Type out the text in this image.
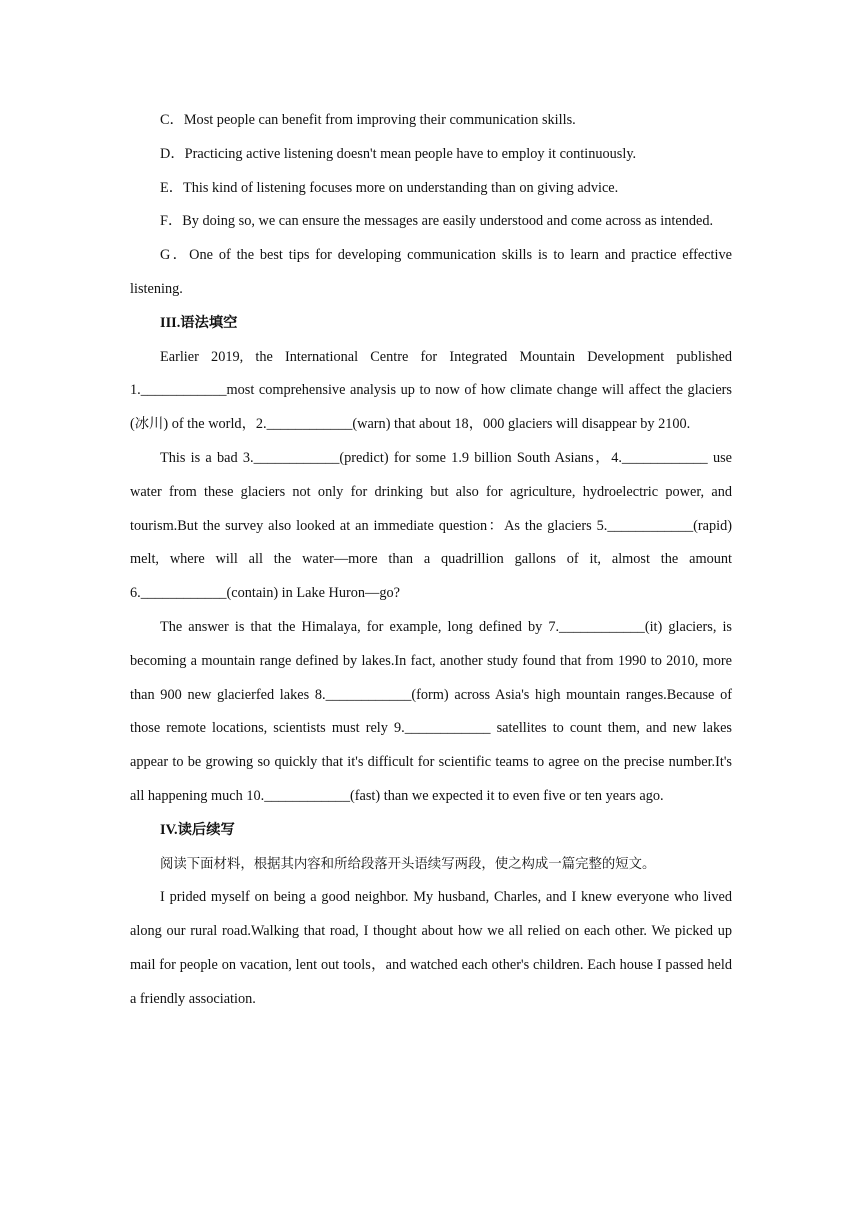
C．Most people can benefit from improving their communication skills.

D．Practicing active listening doesn't mean people have to employ it continuously.

E．This kind of listening focuses more on understanding than on giving advice.

F．By doing so, we can ensure the messages are easily understood and come across as intended.

G．One of the best tips for developing communication skills is to learn and practice effective listening.

III.语法填空

Earlier 2019, the International Centre for Integrated Mountain Development published 1.____________most comprehensive analysis up to now of how climate change will affect the glaciers (冰川) of the world，2.____________(warn) that about 18，000 glaciers will disappear by 2100.

This is a bad 3.____________(predict) for some 1.9 billion South Asians，4.____________ use water from these glaciers not only for drinking but also for agriculture, hydroelectric power, and tourism.But the survey also looked at an immediate question：As the glaciers 5.____________(rapid) melt, where will all the water—more than a quadrillion gallons of it, almost the amount 6.____________(contain) in Lake Huron—go?

The answer is that the Himalaya, for example, long defined by 7.____________(it) glaciers, is becoming a mountain range defined by lakes.In fact, another study found that from 1990 to 2010, more than 900 new glacierfed lakes 8.____________(form) across Asia's high mountain ranges.Because of those remote locations, scientists must rely 9.____________ satellites to count them, and new lakes appear to be growing so quickly that it's difficult for scientific teams to agree on the precise number.It's all happening much 10.____________(fast) than we expected it to even five or ten years ago.

IV.读后续写

阅读下面材料，根据其内容和所给段落开头语续写两段，使之构成一篇完整的短文。

I prided myself on being a good neighbor. My husband, Charles, and I knew everyone who lived along our rural road.Walking that road, I thought about how we all relied on each other. We picked up mail for people on vacation, lent out tools，and watched each other's children. Each house I passed held a friendly association.
